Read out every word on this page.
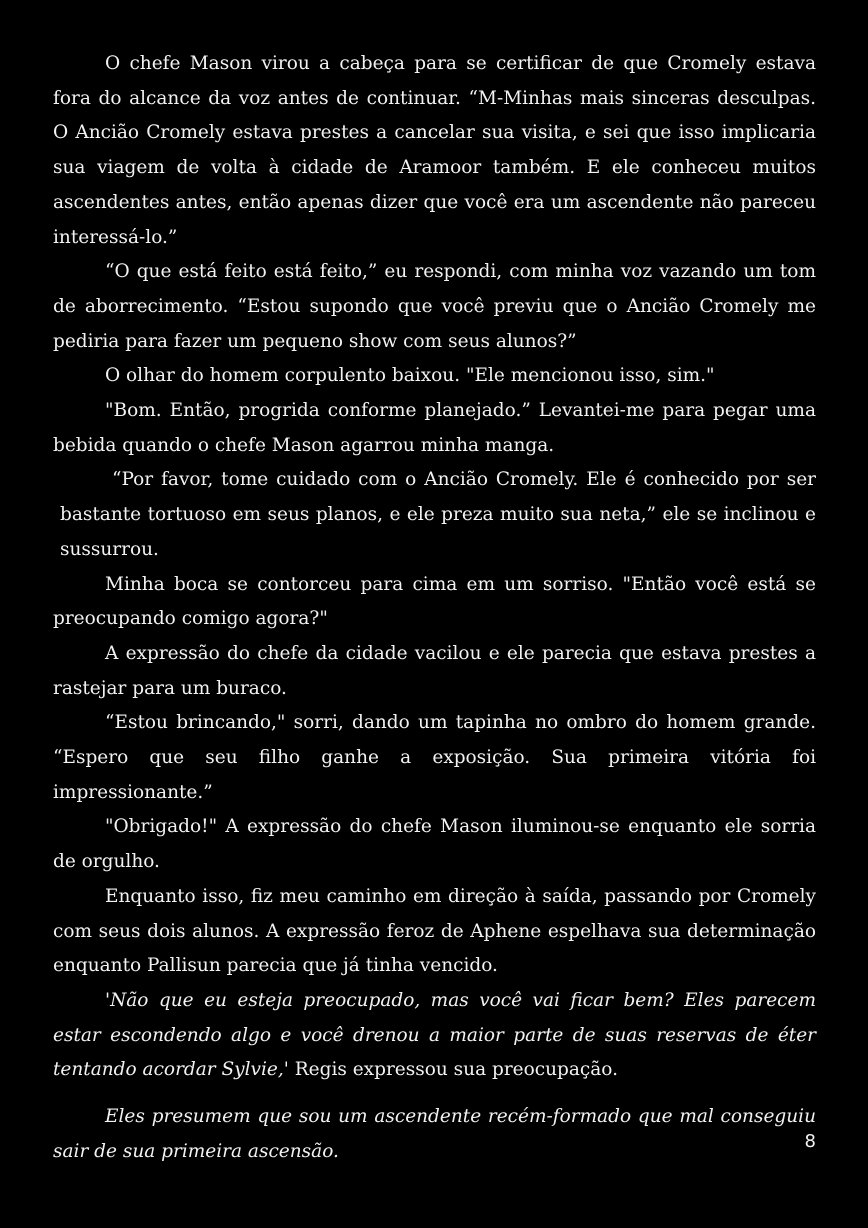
O chefe Mason virou a cabeça para se certificar de que Cromely estava fora do alcance da voz antes de continuar. “M-Minhas mais sinceras desculpas. O Ancião Cromely estava prestes a cancelar sua visita, e sei que isso implicaria sua viagem de volta à cidade de Aramoor também. E ele conheceu muitos ascendentes antes, então apenas dizer que você era um ascendente não pareceu interessá-lo.”

“O que está feito está feito,” eu respondi, com minha voz vazando um tom de aborrecimento. “Estou supondo que você previu que o Ancião Cromely me pediria para fazer um pequeno show com seus alunos?”

O olhar do homem corpulento baixou. "Ele mencionou isso, sim."

"Bom. Então, progrida conforme planejado.” Levantei-me para pegar uma bebida quando o chefe Mason agarrou minha manga.

“Por favor, tome cuidado com o Ancião Cromely. Ele é conhecido por ser bastante tortuoso em seus planos, e ele preza muito sua neta,” ele se inclinou e sussurrou.

Minha boca se contorceu para cima em um sorriso. "Então você está se preocupando comigo agora?"

A expressão do chefe da cidade vacilou e ele parecia que estava prestes a rastejar para um buraco.

“Estou brincando," sorri, dando um tapinha no ombro do homem grande. “Espero que seu filho ganhe a exposição. Sua primeira vitória foi impressionante.”

"Obrigado!" A expressão do chefe Mason iluminou-se enquanto ele sorria de orgulho.

Enquanto isso, fiz meu caminho em direção à saída, passando por Cromely com seus dois alunos. A expressão feroz de Aphene espelhava sua determinação enquanto Pallisun parecia que já tinha vencido.

'Não que eu esteja preocupado, mas você vai ficar bem? Eles parecem estar escondendo algo e você drenou a maior parte de suas reservas de éter tentando acordar Sylvie,' Regis expressou sua preocupação.

Eles presumem que sou um ascendente recém-formado que mal conseguiu sair de sua primeira ascensão.	8
